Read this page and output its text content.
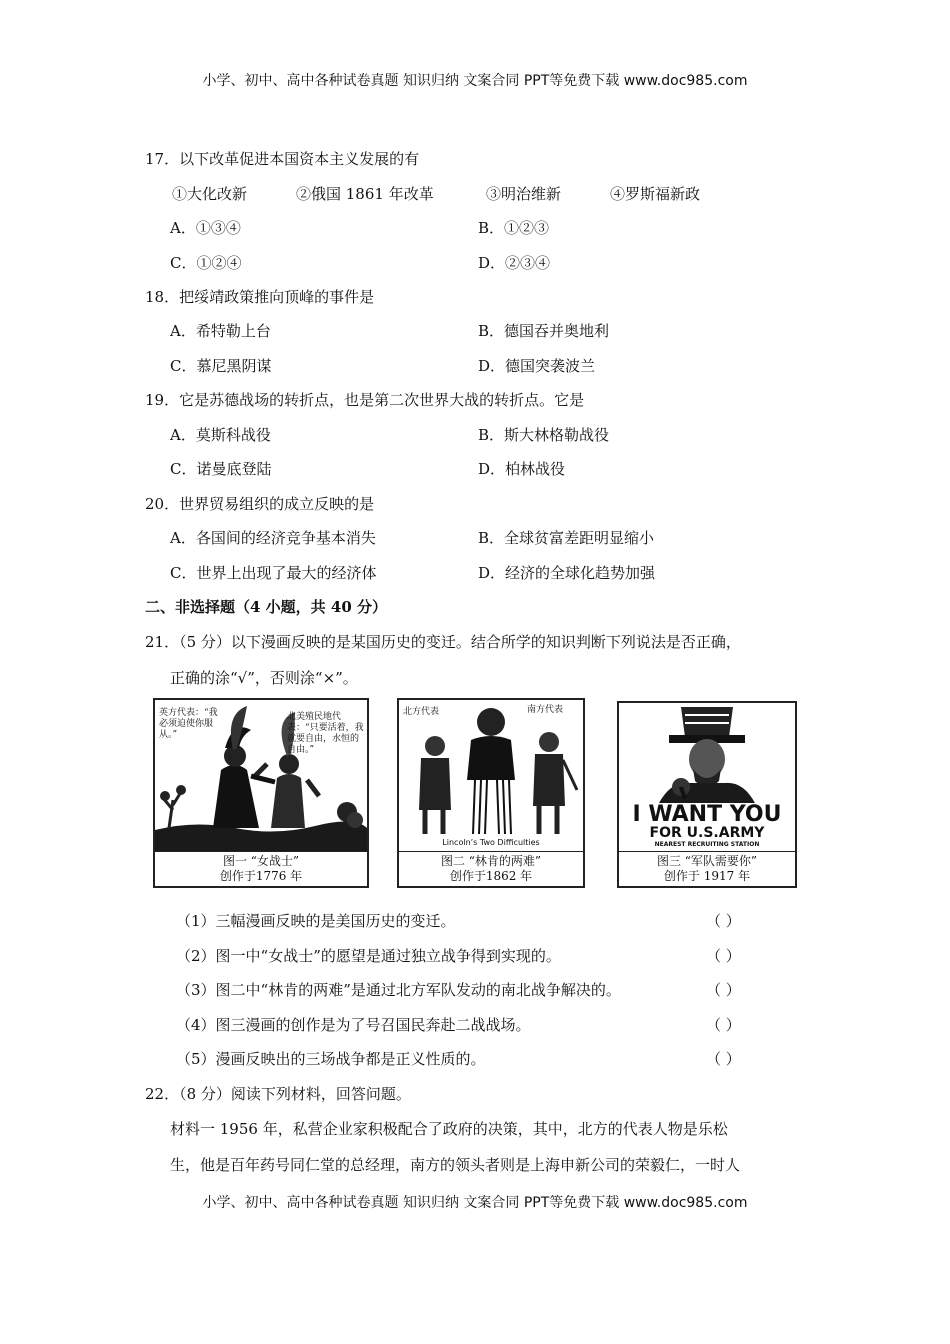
小学、初中、高中各种试卷真题 知识归纳 文案合同 PPT等免费下载 www.doc985.com
17．以下改革促进本国资本主义发展的有
①大化改新	②俄国 1861 年改革	③明治维新	④罗斯福新政
A．①③④	B．①②③
C．①②④	D．②③④
18．把绥靖政策推向顶峰的事件是
A．希特勒上台	B．德国吞并奥地利
C．慕尼黑阴谋	D．德国突袭波兰
19．它是苏德战场的转折点，也是第二次世界大战的转折点。它是
A．莫斯科战役	B．斯大林格勒战役
C．诺曼底登陆	D．柏林战役
20．世界贸易组织的成立反映的是
A．各国间的经济竞争基本消失	B．全球贫富差距明显缩小
C．世界上出现了最大的经济体	D．经济的全球化趋势加强
二、非选择题（4 小题，共 40 分）
21．（5 分）以下漫画反映的是某国历史的变迁。结合所学的知识判断下列说法是否正确，
正确的涂“√”，否则涂“×”。
英方代表：“我必须迫使你服从。”
北美殖民地代表：“只要活着，我就要自由，水恒的自由。”
图一 “女战士”
创作于1776 年
北方代表	南方代表
Lincoln’s Two Difficulties
图二 “林肯的两难”
创作于1862 年
I WANT YOU
FOR U.S.ARMY
NEAREST RECRUITING STATION
图三 “军队需要你”
创作于 1917 年
（1）三幅漫画反映的是美国历史的变迁。	（ ）
（2）图一中“女战士”的愿望是通过独立战争得到实现的。	（ ）
（3）图二中“林肯的两难”是通过北方军队发动的南北战争解决的。	（ ）
（4）图三漫画的创作是为了号召国民奔赴二战战场。	（ ）
（5）漫画反映出的三场战争都是正义性质的。	（ ）
22．（8 分）阅读下列材料，回答问题。
材料一 1956 年，私营企业家积极配合了政府的决策，其中，北方的代表人物是乐松
生，他是百年药号同仁堂的总经理，南方的领头者则是上海申新公司的荣毅仁，一时人
小学、初中、高中各种试卷真题 知识归纳 文案合同 PPT等免费下载 www.doc985.com
